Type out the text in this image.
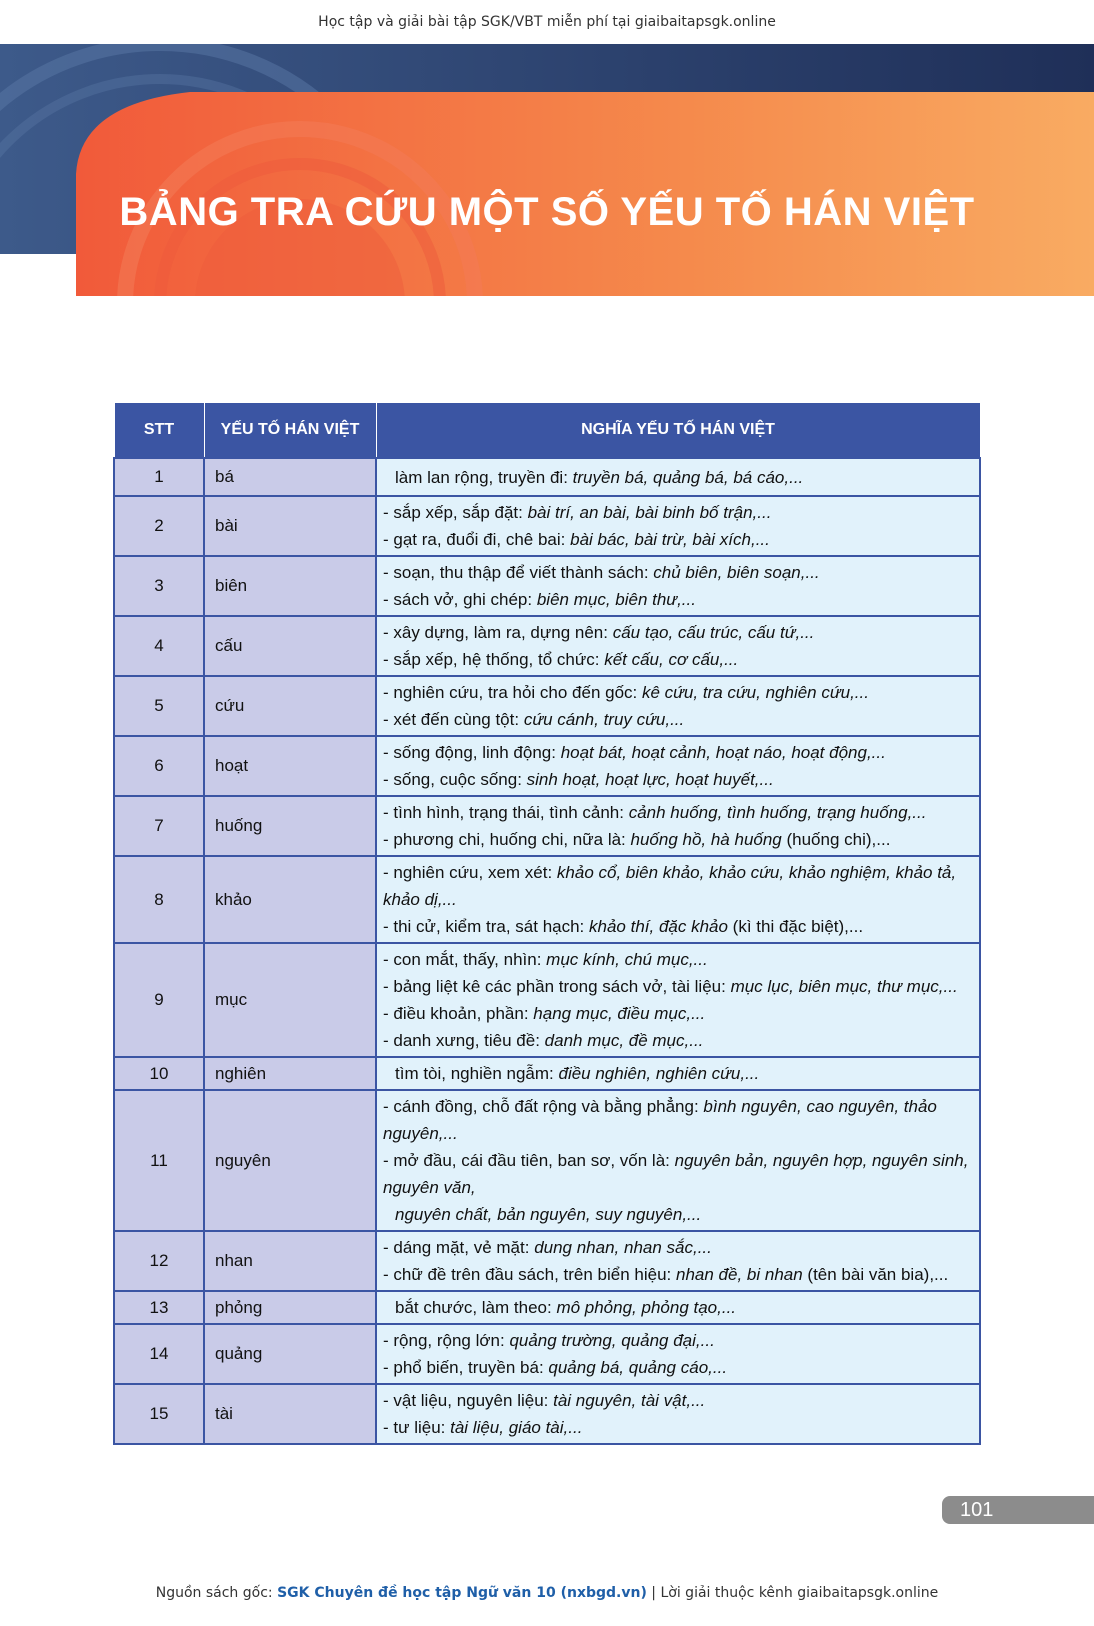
Học tập và giải bài tập SGK/VBT miễn phí tại giaibaitapsgk.online
BẢNG TRA CỨU MỘT SỐ YẾU TỐ HÁN VIỆT
STT	YẾU TỐ HÁN VIỆT	NGHĨA YẾU TỐ HÁN VIỆT
1	bá	làm lan rộng, truyền đi: truyền bá, quảng bá, bá cáo,...

2	bài	- sắp xếp, sắp đặt: bài trí, an bài, bài binh bố trận,...
- gạt ra, đuổi đi, chê bai: bài bác, bài trừ, bài xích,...

3	biên	- soạn, thu thập để viết thành sách: chủ biên, biên soạn,...
- sách vở, ghi chép: biên mục, biên thư,...

4	cấu	- xây dựng, làm ra, dựng nên: cấu tạo, cấu trúc, cấu tứ,...
- sắp xếp, hệ thống, tổ chức: kết cấu, cơ cấu,...

5	cứu	- nghiên cứu, tra hỏi cho đến gốc: kê cứu, tra cứu, nghiên cứu,...
- xét đến cùng tột: cứu cánh, truy cứu,...

6	hoạt	- sống động, linh động: hoạt bát, hoạt cảnh, hoạt náo, hoạt động,...
- sống, cuộc sống: sinh hoạt, hoạt lực, hoạt huyết,...

7	huống	- tình hình, trạng thái, tình cảnh: cảnh huống, tình huống, trạng huống,...
- phương chi, huống chi, nữa là: huống hồ, hà huống (huống chi),...

8	khảo	- nghiên cứu, xem xét: khảo cổ, biên khảo, khảo cứu, khảo nghiệm, khảo tả, khảo dị,...
- thi cử, kiểm tra, sát hạch: khảo thí, đặc khảo (kì thi đặc biệt),...

9	mục	- con mắt, thấy, nhìn: mục kính, chú mục,...
- bảng liệt kê các phần trong sách vở, tài liệu: mục lục, biên mục, thư mục,...
- điều khoản, phần: hạng mục, điều mục,...
- danh xưng, tiêu đề: danh mục, đề mục,...

10	nghiên	tìm tòi, nghiền ngẫm: điều nghiên, nghiên cứu,...

11	nguyên	- cánh đồng, chỗ đất rộng và bằng phẳng: bình nguyên, cao nguyên, thảo nguyên,...
- mở đầu, cái đầu tiên, ban sơ, vốn là: nguyên bản, nguyên hợp, nguyên sinh, nguyên văn,
nguyên chất, bản nguyên, suy nguyên,...

12	nhan	- dáng mặt, vẻ mặt: dung nhan, nhan sắc,...
- chữ đề trên đầu sách, trên biển hiệu: nhan đề, bi nhan (tên bài văn bia),...

13	phỏng	bắt chước, làm theo: mô phỏng, phỏng tạo,...

14	quảng	- rộng, rộng lớn: quảng trường, quảng đại,...
- phổ biến, truyền bá: quảng bá, quảng cáo,...

15	tài	- vật liệu, nguyên liệu: tài nguyên, tài vật,...
- tư liệu: tài liệu, giáo tài,...
101
Nguồn sách gốc: SGK Chuyên đề học tập Ngữ văn 10 (nxbgd.vn) | Lời giải thuộc kênh giaibaitapsgk.online
